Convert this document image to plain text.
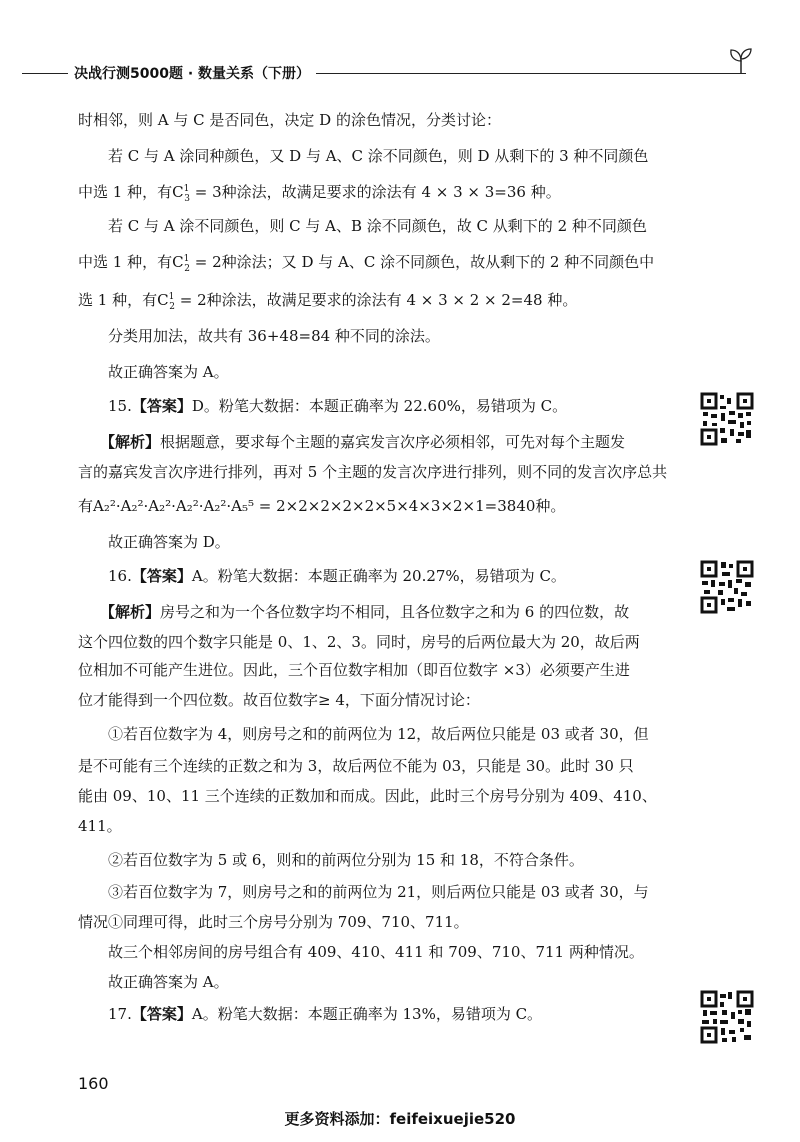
决战行测5000题 · 数量关系（下册）
时相邻，则 A 与 C 是否同色，决定 D 的涂色情况，分类讨论：
若 C 与 A 涂同种颜色，又 D 与 A、C 涂不同颜色，则 D 从剩下的 3 种不同颜色
中选 1 种，有$C^1_3 = 3$种涂法，故满足要求的涂法有 4 × 3 × 3=36 种。
若 C 与 A 涂不同颜色，则 C 与 A、B 涂不同颜色，故 C 从剩下的 2 种不同颜色
中选 1 种，有$C^1_2 = 2$种涂法；又 D 与 A、C 涂不同颜色，故从剩下的 2 种不同颜色中
选 1 种，有$C^1_2 = 2$种涂法，故满足要求的涂法有 4 × 3 × 2 × 2=48 种。
分类用加法，故共有 36+48=84 种不同的涂法。
故正确答案为 A。
15.【答案】D。粉笔大数据：本题正确率为 22.60%，易错项为 C。
【解析】根据题意，要求每个主题的嘉宾发言次序必须相邻，可先对每个主题发
言的嘉宾发言次序进行排列，再对 5 个主题的发言次序进行排列，则不同的发言次序总共
有A₂²·A₂²·A₂²·A₂²·A₂²·A₅⁵ = 2×2×2×2×2×5×4×3×2×1=3840种。
故正确答案为 D。
16.【答案】A。粉笔大数据：本题正确率为 20.27%，易错项为 C。
【解析】房号之和为一个各位数字均不相同，且各位数字之和为 6 的四位数，故
这个四位数的四个数字只能是 0、1、2、3。同时，房号的后两位最大为 20，故后两
位相加不可能产生进位。因此，三个百位数字相加（即百位数字 ×3）必须要产生进
位才能得到一个四位数。故百位数字≥ 4，下面分情况讨论：
①若百位数字为 4，则房号之和的前两位为 12，故后两位只能是 03 或者 30，但
是不可能有三个连续的正数之和为 3，故后两位不能为 03，只能是 30。此时 30 只
能由 09、10、11 三个连续的正数加和而成。因此，此时三个房号分别为 409、410、
411。
②若百位数字为 5 或 6，则和的前两位分别为 15 和 18，不符合条件。
③若百位数字为 7，则房号之和的前两位为 21，则后两位只能是 03 或者 30，与
情况①同理可得，此时三个房号分别为 709、710、711。
故三个相邻房间的房号组合有 409、410、411 和 709、710、711 两种情况。
故正确答案为 A。
17.【答案】A。粉笔大数据：本题正确率为 13%，易错项为 C。
160
更多资料添加：feifeixuejie520
